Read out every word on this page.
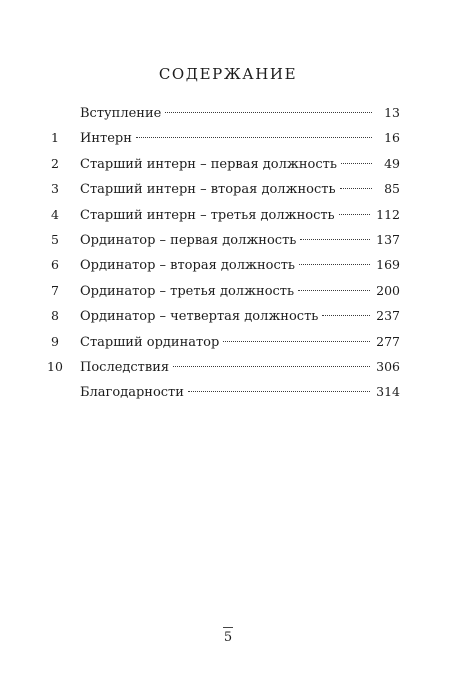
СОДЕРЖАНИЕ
Вступление	13
1	Интерн	16
2	Старший интерн – первая должность	49
3	Старший интерн – вторая должность	85
4	Старший интерн – третья должность	112
5	Ординатор – первая должность	137
6	Ординатор – вторая должность	169
7	Ординатор – третья должность	200
8	Ординатор – четвертая должность	237
9	Старший ординатор	277
10	Последствия	306
Благодарности	314
5
